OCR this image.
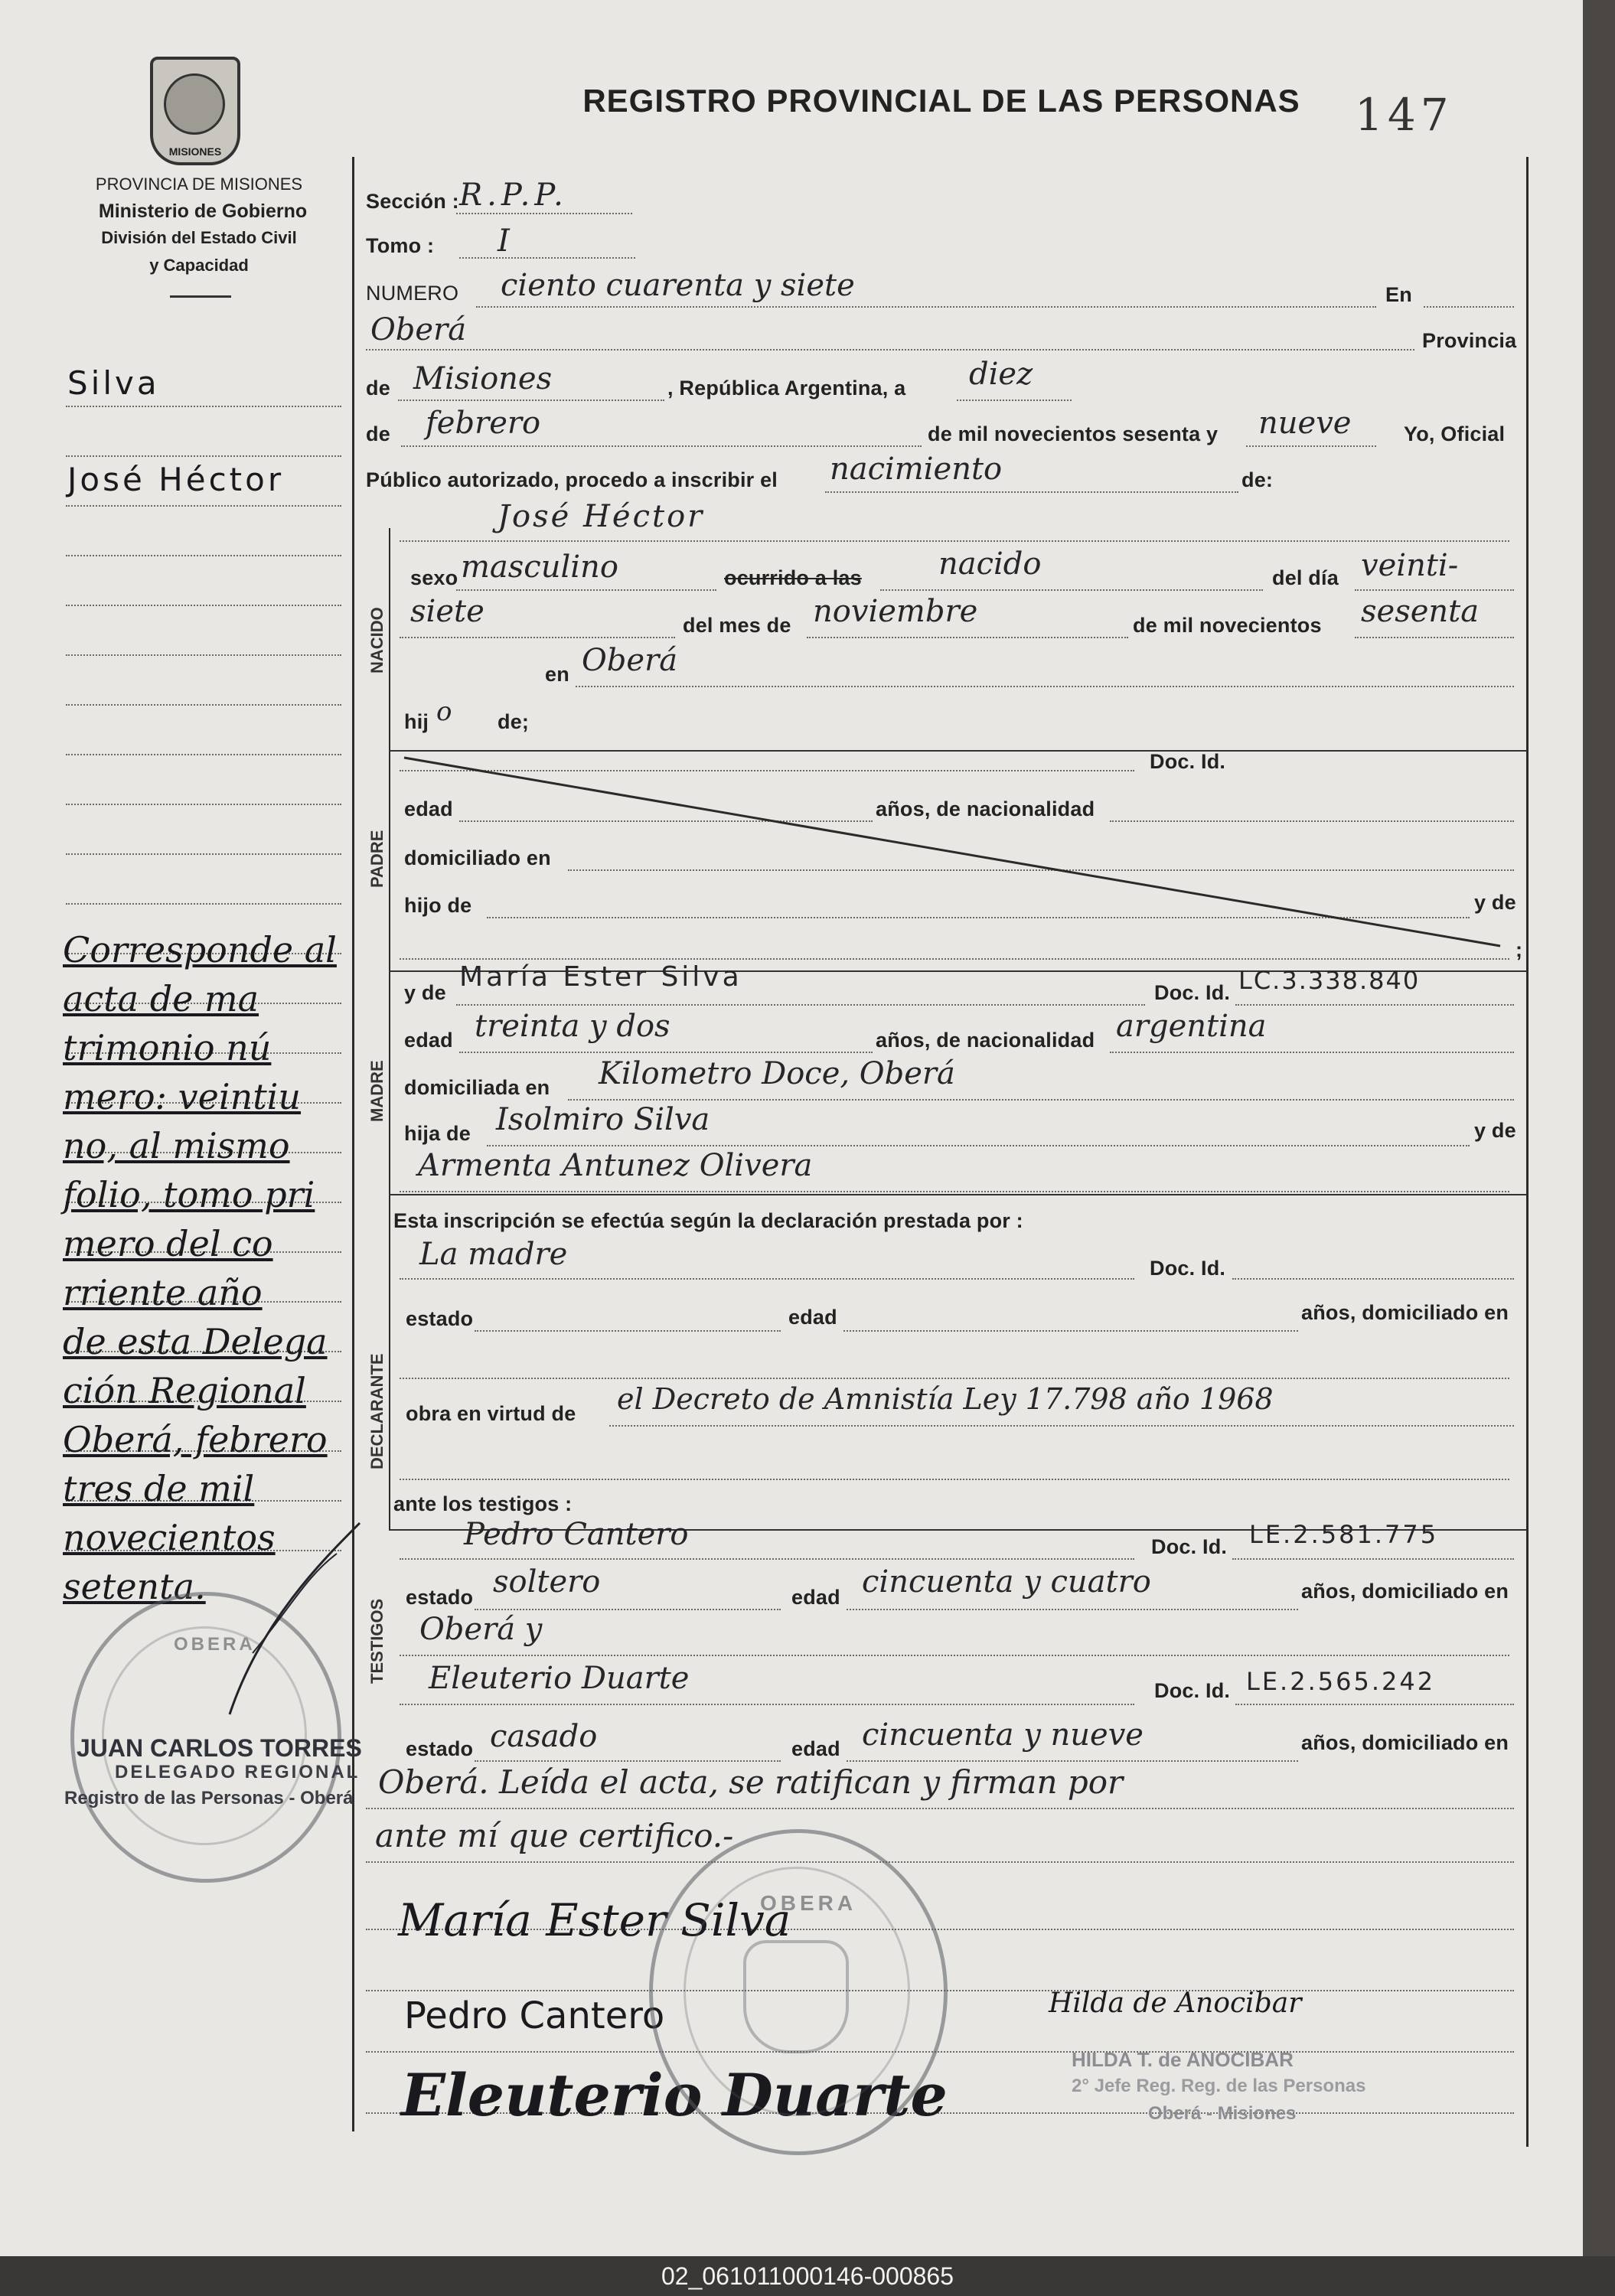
MISIONES
PROVINCIA DE MISIONES
Ministerio de Gobierno
División del Estado Civil
y Capacidad
REGISTRO PROVINCIAL DE LAS PERSONAS 147
Silva
José Héctor
Corresponde al
acta de ma
trimonio nú
mero: veintiu
no, al mismo
folio, tomo pri
mero del co
rriente año
de esta Delega
ción Regional
Oberá, febrero
tres de mil
novecientos
setenta.
NACIDO
PADRE
MADRE
DECLARANTE
TESTIGOS
Sección : R.P.P.
Tomo : I
NUMERO ciento cuarenta y siete	En
Oberá	Provincia
de Misiones	, República Argentina, a diez
de febrero	de mil novecientos sesenta y nueve	Yo, Oficial
Público autorizado, procedo a inscribir el nacimiento	de:
José Héctor
sexo masculino	ocurrido a las	nacido	del día veinti-
siete	del mes de noviembre	de mil novecientos sesenta
en Oberá
hij o de;
Doc. Id.
edad	años, de nacionalidad
domiciliado en
hijo de	y de
;
y de María Ester Silva	Doc. Id. LC.3.338.840
edad treinta y dos	años, de nacionalidad argentina
domiciliada en Kilometro Doce, Oberá
hija de Isolmiro Silva	y de
Armenta Antunez Olivera
Esta inscripción se efectúa según la declaración prestada por :
La madre	Doc. Id.
estado	edad	años, domiciliado en
obra en virtud de el Decreto de Amnistía Ley 17.798 año 1968
ante los testigos :
Pedro Cantero	Doc. Id. LE.2.581.775
estado soltero	edad cincuenta y cuatro	años, domiciliado en
Oberá y
Eleuterio Duarte	Doc. Id. LE.2.565.242
estado casado	edad cincuenta y nueve	años, domiciliado en
Oberá. Leída el acta, se ratifican y firman por
ante mí que certifico.-
María Ester Silva
Pedro Cantero	Hilda de Anocibar
Eleuterio Duarte
OBERA
JUAN CARLOS TORRES
DELEGADO REGIONAL
Registro de las Personas - Oberá
OBERA
HILDA T. de ANOCIBAR
2° Jefe Reg. Reg. de las Personas
Oberá - Misiones
02_061011000146-000865
